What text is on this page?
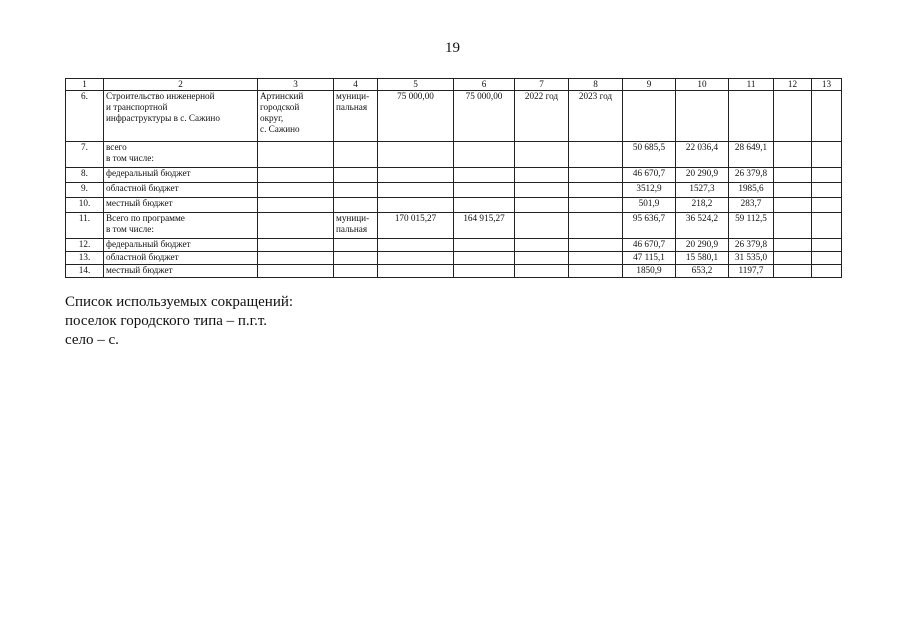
19
1	2	3	4	5	6	7	8	9	10	11	12	13
6.	Строительство инженерной
и транспортной
инфраструктуры в с. Сажино	Артинский
городской
округ,
с. Сажино	муници-
пальная	75 000,00	75 000,00	2022 год	2023 год					
7.	всего
в том числе:							50 685,5	22 036,4	28 649,1		
8.	федеральный бюджет							46 670,7	20 290,9	26 379,8		
9.	областной бюджет							3512,9	1527,3	1985,6		
10.	местный бюджет							501,9	218,2	283,7		
11.	Всего по программе
в том числе:		муници-
пальная	170 015,27	164 915,27			95 636,7	36 524,2	59 112,5		
12.	федеральный бюджет							46 670,7	20 290,9	26 379,8		
13.	областной бюджет							47 115,1	15 580,1	31 535,0		
14.	местный бюджет							1850,9	653,2	1197,7		
Список используемых сокращений:
поселок городского типа – п.г.т.
село – с.
